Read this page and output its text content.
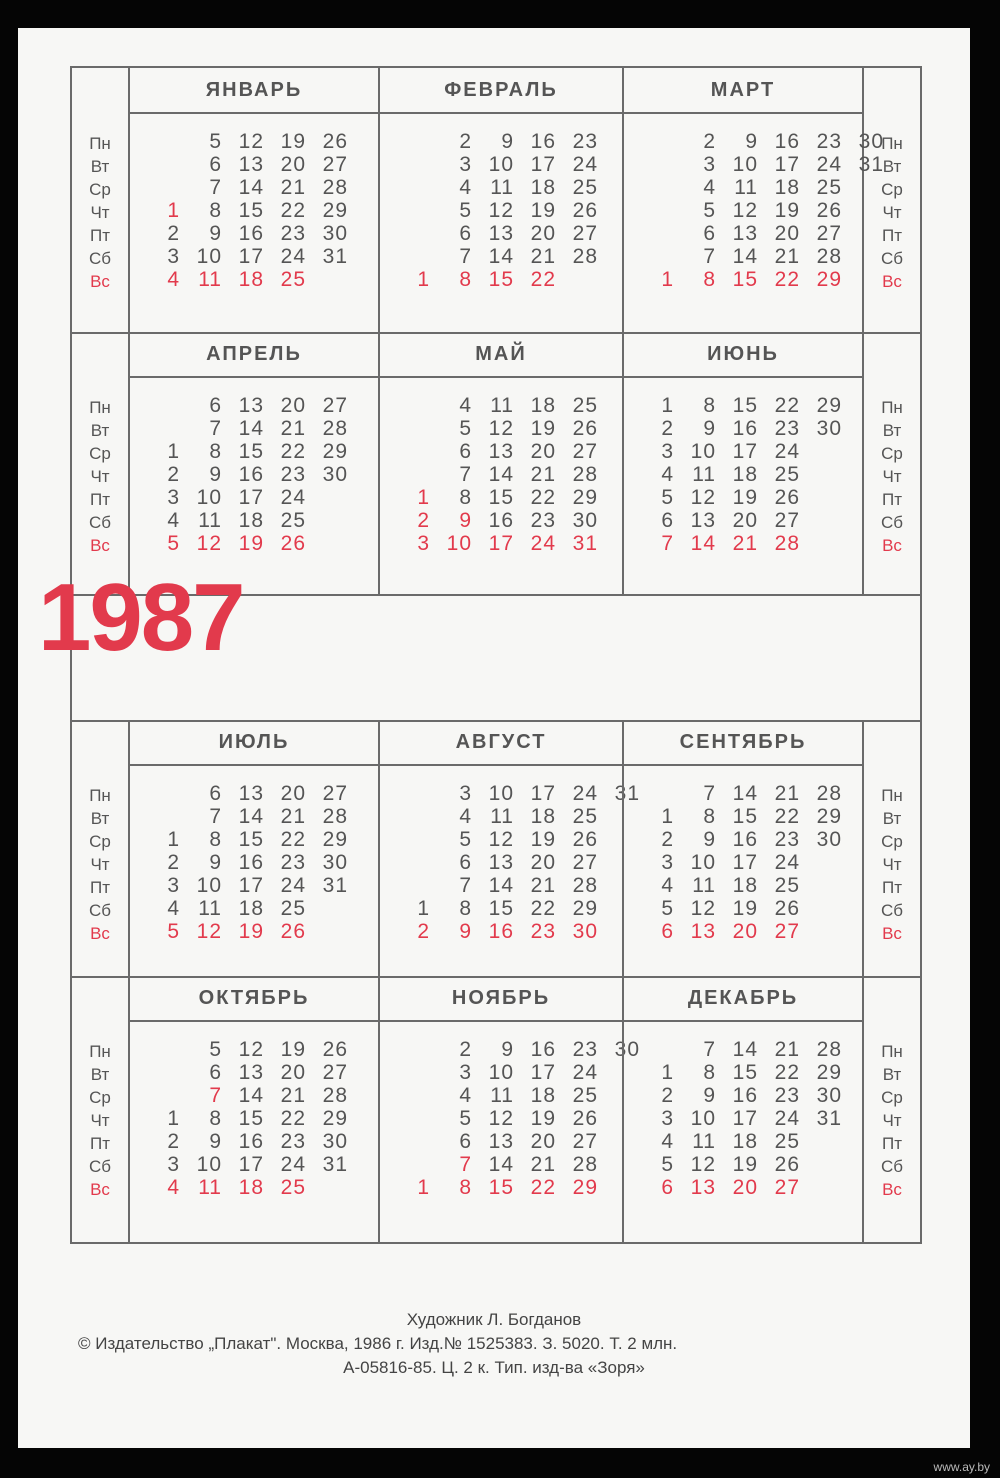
Пн
Вт
Ср
Чт
Пт
Сб
Вс
Пн
Вт
Ср
Чт
Пт
Сб
Вс
ЯНВАРЬ
1
2
3
4
5
6
7
8
9
10
11
12
13
14
15
16
17
18
19
20
21
22
23
24
25
26
27
28
29
30
31
ФЕВРАЛЬ
1
2
3
4
5
6
7
8
9
10
11
12
13
14
15
16
17
18
19
20
21
22
23
24
25
26
27
28
МАРТ
1
2
3
4
5
6
7
8
9
10
11
12
13
14
15
16
17
18
19
20
21
22
23
24
25
26
27
28
29
30
31
Пн
Вт
Ср
Чт
Пт
Сб
Вс
Пн
Вт
Ср
Чт
Пт
Сб
Вс
АПРЕЛЬ
1
2
3
4
5
6
7
8
9
10
11
12
13
14
15
16
17
18
19
20
21
22
23
24
25
26
27
28
29
30
МАЙ
1
2
3
4
5
6
7
8
9
10
11
12
13
14
15
16
17
18
19
20
21
22
23
24
25
26
27
28
29
30
31
ИЮНЬ
1
2
3
4
5
6
7
8
9
10
11
12
13
14
15
16
17
18
19
20
21
22
23
24
25
26
27
28
29
30
Пн
Вт
Ср
Чт
Пт
Сб
Вс
Пн
Вт
Ср
Чт
Пт
Сб
Вс
ИЮЛЬ
1
2
3
4
5
6
7
8
9
10
11
12
13
14
15
16
17
18
19
20
21
22
23
24
25
26
27
28
29
30
31
АВГУСТ
1
2
3
4
5
6
7
8
9
10
11
12
13
14
15
16
17
18
19
20
21
22
23
24
25
26
27
28
29
30
31
СЕНТЯБРЬ
1
2
3
4
5
6
7
8
9
10
11
12
13
14
15
16
17
18
19
20
21
22
23
24
25
26
27
28
29
30
Пн
Вт
Ср
Чт
Пт
Сб
Вс
Пн
Вт
Ср
Чт
Пт
Сб
Вс
ОКТЯБРЬ
1
2
3
4
5
6
7
8
9
10
11
12
13
14
15
16
17
18
19
20
21
22
23
24
25
26
27
28
29
30
31
НОЯБРЬ
1
2
3
4
5
6
7
8
9
10
11
12
13
14
15
16
17
18
19
20
21
22
23
24
25
26
27
28
29
30
ДЕКАБРЬ
1
2
3
4
5
6
7
8
9
10
11
12
13
14
15
16
17
18
19
20
21
22
23
24
25
26
27
28
29
30
31
1987
Художник Л. Богданов
© Издательство „Плакат". Москва, 1986 г. Изд.№ 1525383. З. 5020. Т. 2 млн.
А-05816-85. Ц. 2 к. Тип. изд-ва «Зоря»
www.ay.by
